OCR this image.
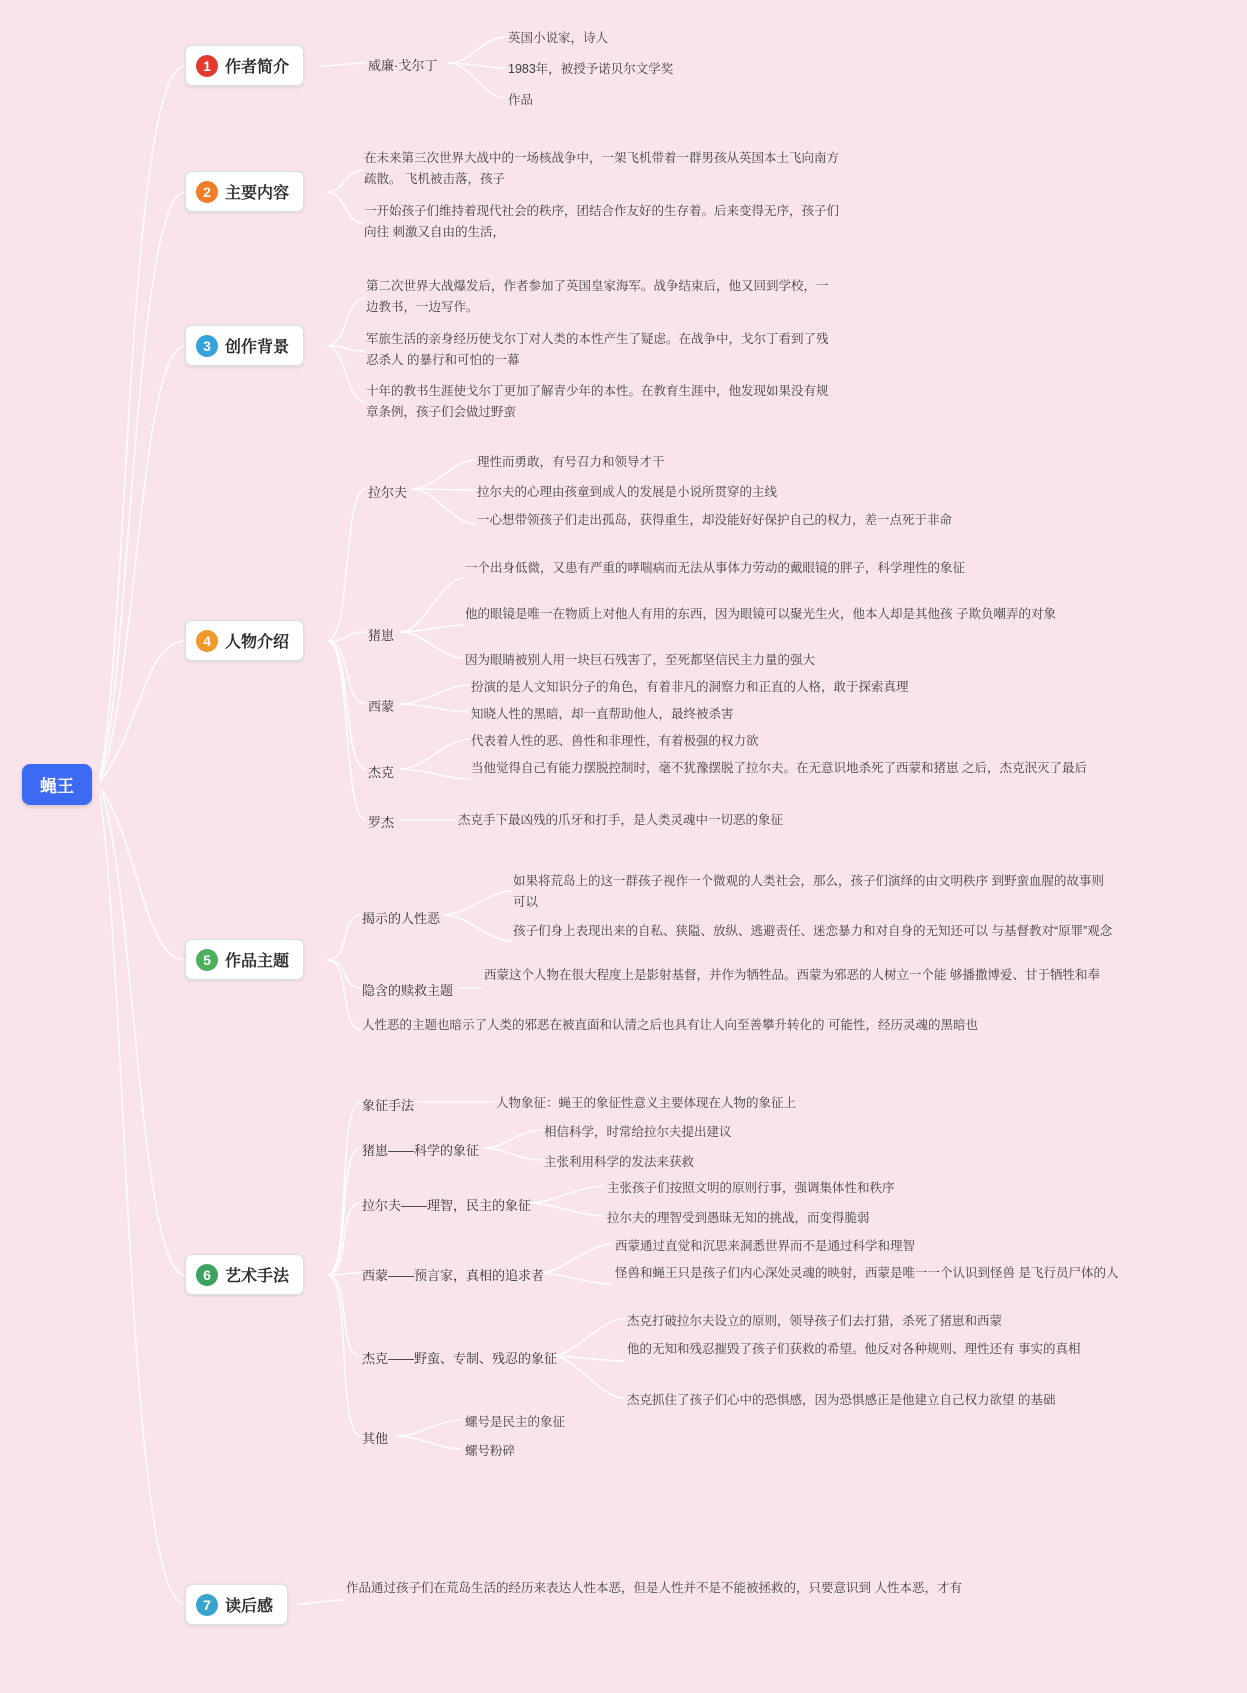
蝇王
1 作者简介	威廉·戈尔丁
英国小说家，诗人
1983年，被授予诺贝尔文学奖
作品
2 主要内容
在未来第三次世界大战中的一场核战争中，一架飞机带着一群男孩从英国本土飞向南方疏散。 飞机被击落，孩子
一开始孩子们维持着现代社会的秩序，团结合作友好的生存着。后来变得无序，孩子们向往 刺激又自由的生活，
3 创作背景
第二次世界大战爆发后，作者参加了英国皇家海军。战争结束后，他又回到学校，一边教书，一边写作。
军旅生活的亲身经历使戈尔丁对人类的本性产生了疑虑。在战争中，戈尔丁看到了残忍杀人 的暴行和可怕的一幕
十年的教书生涯使戈尔丁更加了解青少年的本性。在教育生涯中，他发现如果没有规章条例，孩子们会做过野蛮
4 人物介绍
拉尔夫
理性而勇敢，有号召力和领导才干
拉尔夫的心理由孩童到成人的发展是小说所贯穿的主线
一心想带领孩子们走出孤岛，获得重生，却没能好好保护自己的权力，差一点死于非命
猪崽
一个出身低微，又患有严重的哮喘病而无法从事体力劳动的戴眼镜的胖子，科学理性的象征
他的眼镜是唯一在物质上对他人有用的东西，因为眼镜可以聚光生火，他本人却是其他孩 子欺负嘲弄的对象
因为眼睛被别人用一块巨石残害了，至死都坚信民主力量的强大
西蒙
扮演的是人文知识分子的角色，有着非凡的洞察力和正直的人格，敢于探索真理
知晓人性的黑暗，却一直帮助他人，最终被杀害
杰克
代表着人性的恶、兽性和非理性，有着极强的权力欲
当他觉得自己有能力摆脱控制时，毫不犹豫摆脱了拉尔夫。在无意识地杀死了西蒙和猪崽 之后，杰克泯灭了最后
罗杰	杰克手下最凶残的爪牙和打手，是人类灵魂中一切恶的象征
5 作品主题
揭示的人性恶
如果将荒岛上的这一群孩子视作一个微观的人类社会，那么，孩子们演绎的由文明秩序 到野蛮血腥的故事则可以
孩子们身上表现出来的自私、狭隘、放纵、逃避责任、迷恋暴力和对自身的无知还可以 与基督教对“原罪”观念
隐含的赎救主题
西蒙这个人物在很大程度上是影射基督，并作为牺牲品。西蒙为邪恶的人树立一个能 够播撒博爱、甘于牺牲和奉
人性恶的主题也暗示了人类的邪恶在被直面和认清之后也具有让人向至善攀升转化的 可能性，经历灵魂的黑暗也
6 艺术手法
象征手法	人物象征：蝇王的象征性意义主要体现在人物的象征上
猪崽——科学的象征
相信科学，时常给拉尔夫提出建议
主张利用科学的发法来获救
拉尔夫——理智，民主的象征
主张孩子们按照文明的原则行事，强调集体性和秩序
拉尔夫的理智受到愚昧无知的挑战，而变得脆弱
西蒙——预言家，真相的追求者
西蒙通过直觉和沉思来洞悉世界而不是通过科学和理智
怪兽和蝇王只是孩子们内心深处灵魂的映射，西蒙是唯一一个认识到怪兽 是飞行员尸体的人
杰克——野蛮、专制、残忍的象征
杰克打破拉尔夫设立的原则，领导孩子们去打猎，杀死了猪崽和西蒙
他的无知和残忍摧毁了孩子们获救的希望。他反对各种规则、理性还有 事实的真相
杰克抓住了孩子们心中的恐惧感，因为恐惧感正是他建立自己权力欲望 的基础
其他
螺号是民主的象征
螺号粉碎
7 读后感
作品通过孩子们在荒岛生活的经历来表达人性本恶，但是人性并不是不能被拯救的，只要意识到 人性本恶，才有
